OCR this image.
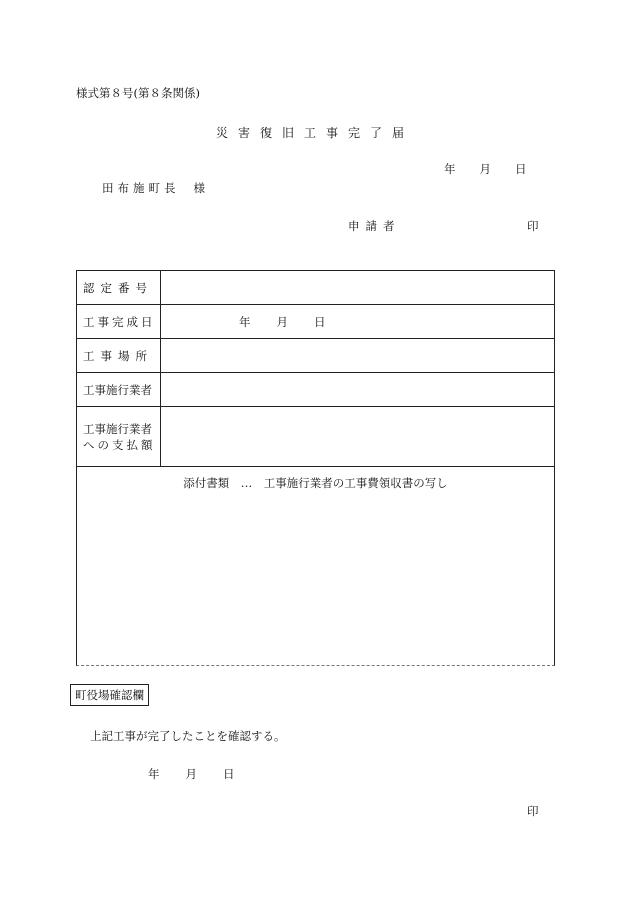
様式第８号(第８条関係)
災害復旧工事完了届
年 月 日
田布施町長 様
申請者	印
認定番号
工事完成日	年 月 日
工事場所
工事施行業者
工事施行業者
への支払額
添付書類　…　工事施行業者の工事費領収書の写し
町役場確認欄
上記工事が完了したことを確認する。
年 月 日
印
